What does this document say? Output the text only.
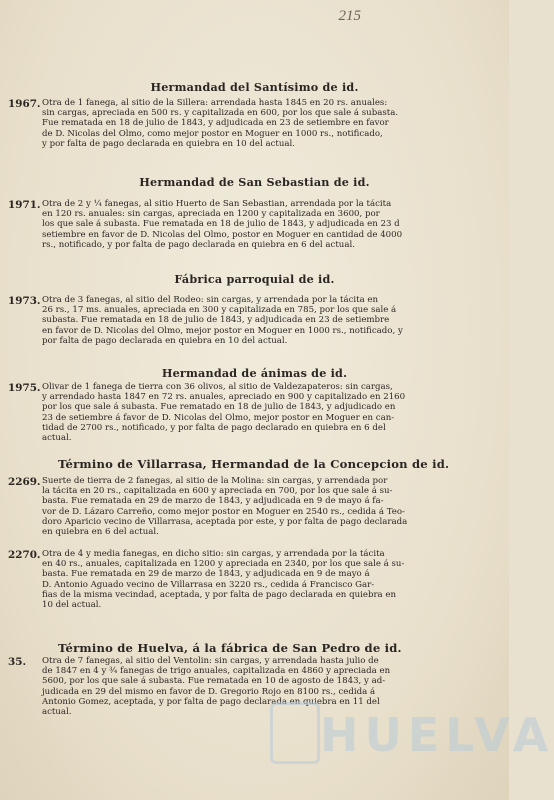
215
Hermandad del Santísimo de id.
1967. Otra de 1 fanega, al sitio de la Sillera: arrendada hasta 1845 en 20 rs. anuales:
sin cargas, apreciada en 500 rs. y capitalizada en 600, por los que sale á subasta.
Fue rematada en 18 de julio de 1843, y adjudicada en 23 de setiembre en favor
de D. Nicolas del Olmo, como mejor postor en Moguer en 1000 rs., notificado,
y por falta de pago declarada en quiebra en 10 del actual.
Hermandad de San Sebastian de id.
1971. Otra de 2 y ¼ fanegas, al sitio Huerto de San Sebastian, arrendada por la tácita
en 120 rs. anuales: sin cargas, apreciada en 1200 y capitalizada en 3600, por
los que sale á subasta. Fue rematada en 18 de julio de 1843, y adjudicada en 23 d
setiembre en favor de D. Nicolas del Olmo, postor en Moguer en cantidad de 4000
rs., notificado, y por falta de pago declarada en quiebra en 6 del actual.
Fábrica parroquial de id.
1973. Otra de 3 fanegas, al sitio del Rodeo: sin cargas, y arrendada por la tácita en
26 rs., 17 ms. anuales, apreciada en 300 y capitalizada en 785, por los que sale á
subasta. Fue rematada en 18 de julio de 1843, y adjudicada en 23 de setiembre
en favor de D. Nicolas del Olmo, mejor postor en Moguer en 1000 rs., notificado, y
por falta de pago declarada en quiebra en 10 del actual.
Hermandad de ánimas de id.
1975. Olivar de 1 fanega de tierra con 36 olivos, al sitio de Valdezapateros: sin cargas,
y arrendado hasta 1847 en 72 rs. anuales, apreciado en 900 y capitalizado en 2160
por los que sale á subasta. Fue rematado en 18 de julio de 1843, y adjudicado en
23 de setiembre á favor de D. Nicolas del Olmo, mejor postor en Moguer en can-
tidad de 2700 rs., notificado, y por falta de pago declarado en quiebra en 6 del
actual.
Término de Villarrasa, Hermandad de la Concepcion de id.
2269. Suerte de tierra de 2 fanegas, al sitio de la Molina: sin cargas, y arrendada por
la tácita en 20 rs., capitalizada en 600 y apreciada en 700, por los que sale á su-
basta. Fue rematada en 29 de marzo de 1843, y adjudicada en 9 de mayo á fa-
vor de D. Lázaro Carreño, como mejor postor en Moguer en 2540 rs., cedida á Teo-
doro Aparicio vecino de Villarrasa, aceptada por este, y por falta de pago declarada
en quiebra en 6 del actual.
2270. Otra de 4 y media fanegas, en dicho sitio: sin cargas, y arrendada por la tácita
en 40 rs., anuales, capitalizada en 1200 y apreciada en 2340, por los que sale á su-
basta. Fue rematada en 29 de marzo de 1843, y adjudicada en 9 de mayo á
D. Antonio Aguado vecino de Villarrasa en 3220 rs., cedida á Francisco Gar-
fias de la misma vecindad, aceptada, y por falta de pago declarada en quiebra en
10 del actual.
Término de Huelva, á la fábrica de San Pedro de id.
35. Otra de 7 fanegas, al sitio del Ventolin: sin cargas, y arrendada hasta julio de
de 1847 en 4 y ¾ fanegas de trigo anuales, capitalizada en 4860 y apreciada en
5600, por los que sale á subasta. Fue rematada en 10 de agosto de 1843, y ad-
judicada en 29 del mismo en favor de D. Gregorio Rojo en 8100 rs., cedida á
Antonio Gomez, aceptada, y por falta de pago declarada en quiebra en 11 del
actual.	HUELVA
